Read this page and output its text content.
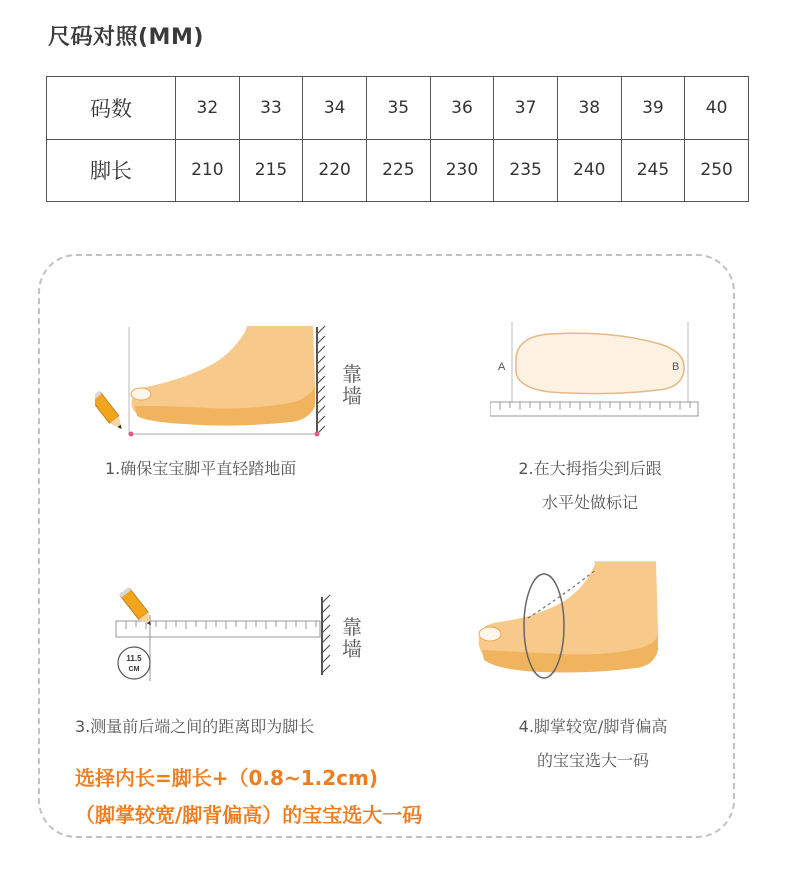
尺码对照(MM)
码数	32	33	34	35	36	37	38	39	40
脚长	210	215	220	225	230	235	240	245	250
靠
墙
1.确保宝宝脚平直轻踏地面
A	B
2.在大拇指尖到后跟
水平处做标记
11.5
CM
靠
墙
3.测量前后端之间的距离即为脚长	4.脚掌较宽/脚背偏高
的宝宝选大一码
选择内长=脚长+（0.8~1.2cm)
（脚掌较宽/脚背偏高）的宝宝选大一码
